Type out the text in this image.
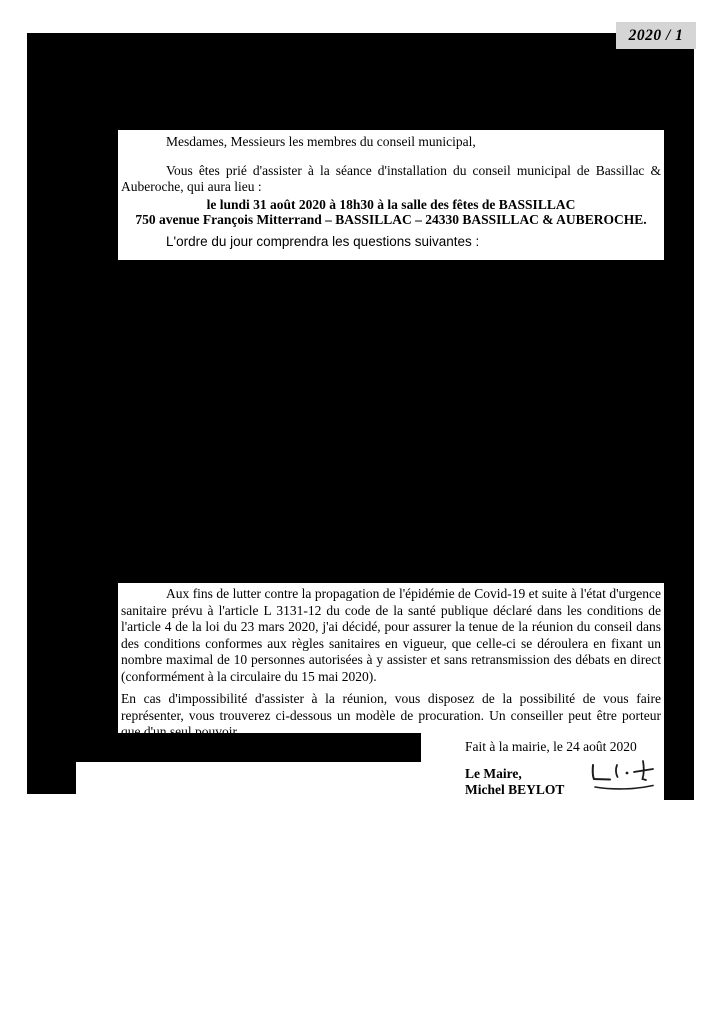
2020 / 1

Mesdames, Messieurs les membres du conseil municipal,

Vous êtes prié d'assister à la séance d'installation du conseil municipal de Bassillac & Auberoche, qui aura lieu :

le lundi 31 août 2020 à 18h30 à la salle des fêtes de BASSILLAC

750 avenue François Mitterrand – BASSILLAC – 24330 BASSILLAC & AUBEROCHE.

L'ordre du jour comprendra les questions suivantes :

Aux fins de lutter contre la propagation de l'épidémie de Covid-19 et suite à l'état d'urgence sanitaire prévu à l'article L 3131-12 du code de la santé publique déclaré dans les conditions de l'article 4 de la loi du 23 mars 2020, j'ai décidé, pour assurer la tenue de la réunion du conseil dans des conditions conformes aux règles sanitaires en vigueur, que celle-ci se déroulera en fixant un nombre maximal de 10 personnes autorisées à y assister et sans retransmission des débats en direct (conformément à la circulaire du 15 mai 2020).

En cas d'impossibilité d'assister à la réunion, vous disposez de la possibilité de vous faire représenter, vous trouverez ci-dessous un modèle de procuration. Un conseiller peut être porteur que d'un seul pouvoir.

Fait à la mairie, le 24 août 2020
Le Maire,
Michel BEYLOT
